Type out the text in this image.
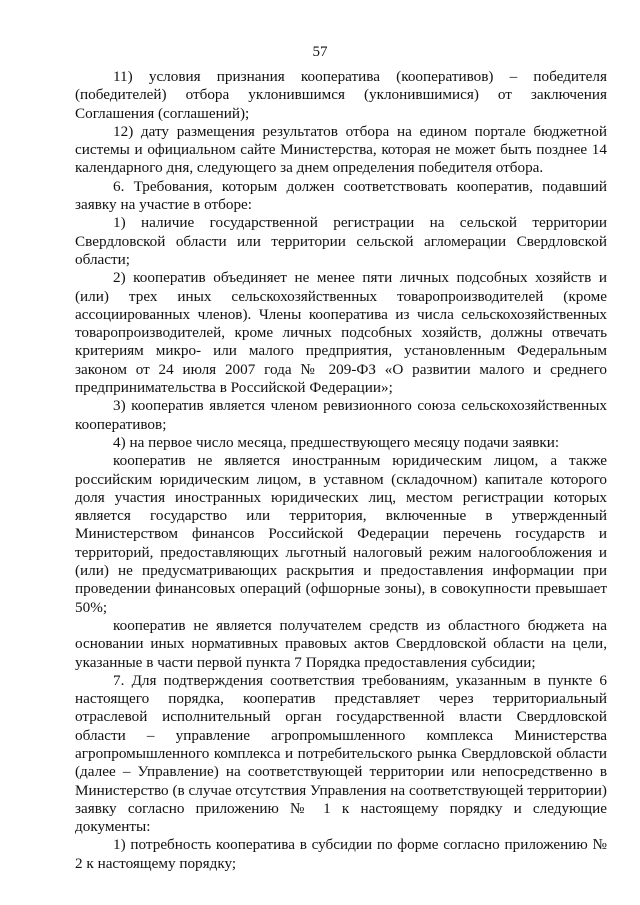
57

11) условия признания кооператива (кооперативов) – победителя (победителей) отбора уклонившимся (уклонившимися) от заключения Соглашения (соглашений);

12) дату размещения результатов отбора на едином портале бюджетной системы и официальном сайте Министерства, которая не может быть позднее 14 календарного дня, следующего за днем определения победителя отбора.

6. Требования, которым должен соответствовать кооператив, подавший заявку на участие в отборе:

1) наличие государственной регистрации на сельской территории Свердловской области или территории сельской агломерации Свердловской области;

2) кооператив объединяет не менее пяти личных подсобных хозяйств и (или) трех иных сельскохозяйственных товаропроизводителей (кроме ассоциированных членов). Члены кооператива из числа сельскохозяйственных товаропроизводителей, кроме личных подсобных хозяйств, должны отвечать критериям микро- или малого предприятия, установленным Федеральным законом от 24 июля 2007 года № 209-ФЗ «О развитии малого и среднего предпринимательства в Российской Федерации»;

3) кооператив является членом ревизионного союза сельскохозяйственных кооперативов;

4) на первое число месяца, предшествующего месяцу подачи заявки:

кооператив не является иностранным юридическим лицом, а также российским юридическим лицом, в уставном (складочном) капитале которого доля участия иностранных юридических лиц, местом регистрации которых является государство или территория, включенные в утвержденный Министерством финансов Российской Федерации перечень государств и территорий, предоставляющих льготный налоговый режим налогообложения и (или) не предусматривающих раскрытия и предоставления информации при проведении финансовых операций (офшорные зоны), в совокупности превышает 50%;

кооператив не является получателем средств из областного бюджета на основании иных нормативных правовых актов Свердловской области на цели, указанные в части первой пункта 7 Порядка предоставления субсидии;

7. Для подтверждения соответствия требованиям, указанным в пункте 6 настоящего порядка, кооператив представляет через территориальный отраслевой исполнительный орган государственной власти Свердловской области – управление агропромышленного комплекса Министерства агропромышленного комплекса и потребительского рынка Свердловской области (далее – Управление) на соответствующей территории или непосредственно в Министерство (в случае отсутствия Управления на соответствующей территории) заявку согласно приложению № 1 к настоящему порядку и следующие документы:

1) потребность кооператива в субсидии по форме согласно приложению № 2 к настоящему порядку;
